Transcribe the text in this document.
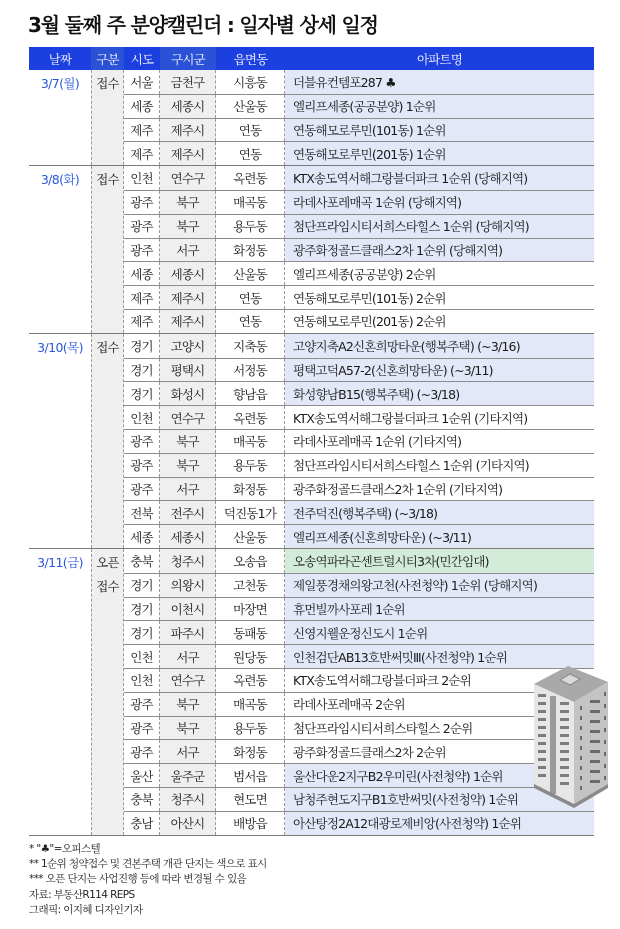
3월 둘째 주 분양캘린더 : 일자별 상세 일정
날짜	구분 시도	구시군	읍면동	아파트명
3/7(월)	접수 서울	금천구	시흥동	더블유컨템포287 ♣
세종	세종시	산울동	엘리프세종(공공분양) 1순위
제주	제주시	연동	연동해모로루민(101동) 1순위
제주	제주시	연동	연동해모로루민(201동) 1순위
3/8(화)	접수 인천	연수구	옥련동	KTX송도역서해그랑블더파크 1순위 (당해지역)
광주	북구	매곡동	라데사포레매곡 1순위 (당해지역)
광주	북구	용두동	첨단프라임시티서희스타힐스 1순위 (당해지역)
광주	서구	화정동	광주화정골드클래스2차 1순위 (당해지역)
세종	세종시	산울동	엘리프세종(공공분양) 2순위
제주	제주시	연동	연동해모로루민(101동) 2순위
제주	제주시	연동	연동해모로루민(201동) 2순위
3/10(목)	접수 경기	고양시	지축동	고양지축A2신혼희망타운(행복주택) (~3/16)
경기	평택시	서정동	평택고덕A57-2(신혼희망타운) (~3/11)
경기	화성시	향남읍	화성향남B15(행복주택) (~3/18)
인천	연수구	옥련동	KTX송도역서해그랑블더파크 1순위 (기타지역)
광주	북구	매곡동	라데사포레매곡 1순위 (기타지역)
광주	북구	용두동	첨단프라임시티서희스타힐스 1순위 (기타지역)
광주	서구	화정동	광주화정골드클래스2차 1순위 (기타지역)
전북	전주시	덕진동1가	전주덕진(행복주택) (~3/18)
세종	세종시	산울동	엘리프세종(신혼희망타운) (~3/11)
3/11(금)	오픈
접수
충북	청주시	오송읍	오송역파라곤센트럴시티3차(민간임대)
경기	의왕시	고천동	제일풍경채의왕고천(사전청약) 1순위 (당해지역)
경기	이천시	마장면	휴먼빌까사포레 1순위
경기	파주시	동패동	신영지웰운정신도시 1순위
인천	서구	원당동	인천검단AB13호반써밋Ⅲ(사전청약) 1순위
인천	연수구	옥련동	KTX송도역서해그랑블더파크 2순위
광주	북구	매곡동	라데사포레매곡 2순위
광주	북구	용두동	첨단프라임시티서희스타힐스 2순위
광주	서구	화정동	광주화정골드클래스2차 2순위
울산	울주군	범서읍	울산다운2지구B2우미린(사전청약) 1순위
충북	청주시	현도면	남청주현도지구B1호반써밋(사전청약) 1순위
충남	아산시	배방읍	아산탕정2A12대광로제비앙(사전청약) 1순위
* "♣"=오피스텔
** 1순위 청약접수 및 견본주택 개관 단지는 색으로 표시
*** 오픈 단지는 사업진행 등에 따라 변경될 수 있음
자료: 부동산R114 REPS
그래픽: 이지혜 디자인기자
